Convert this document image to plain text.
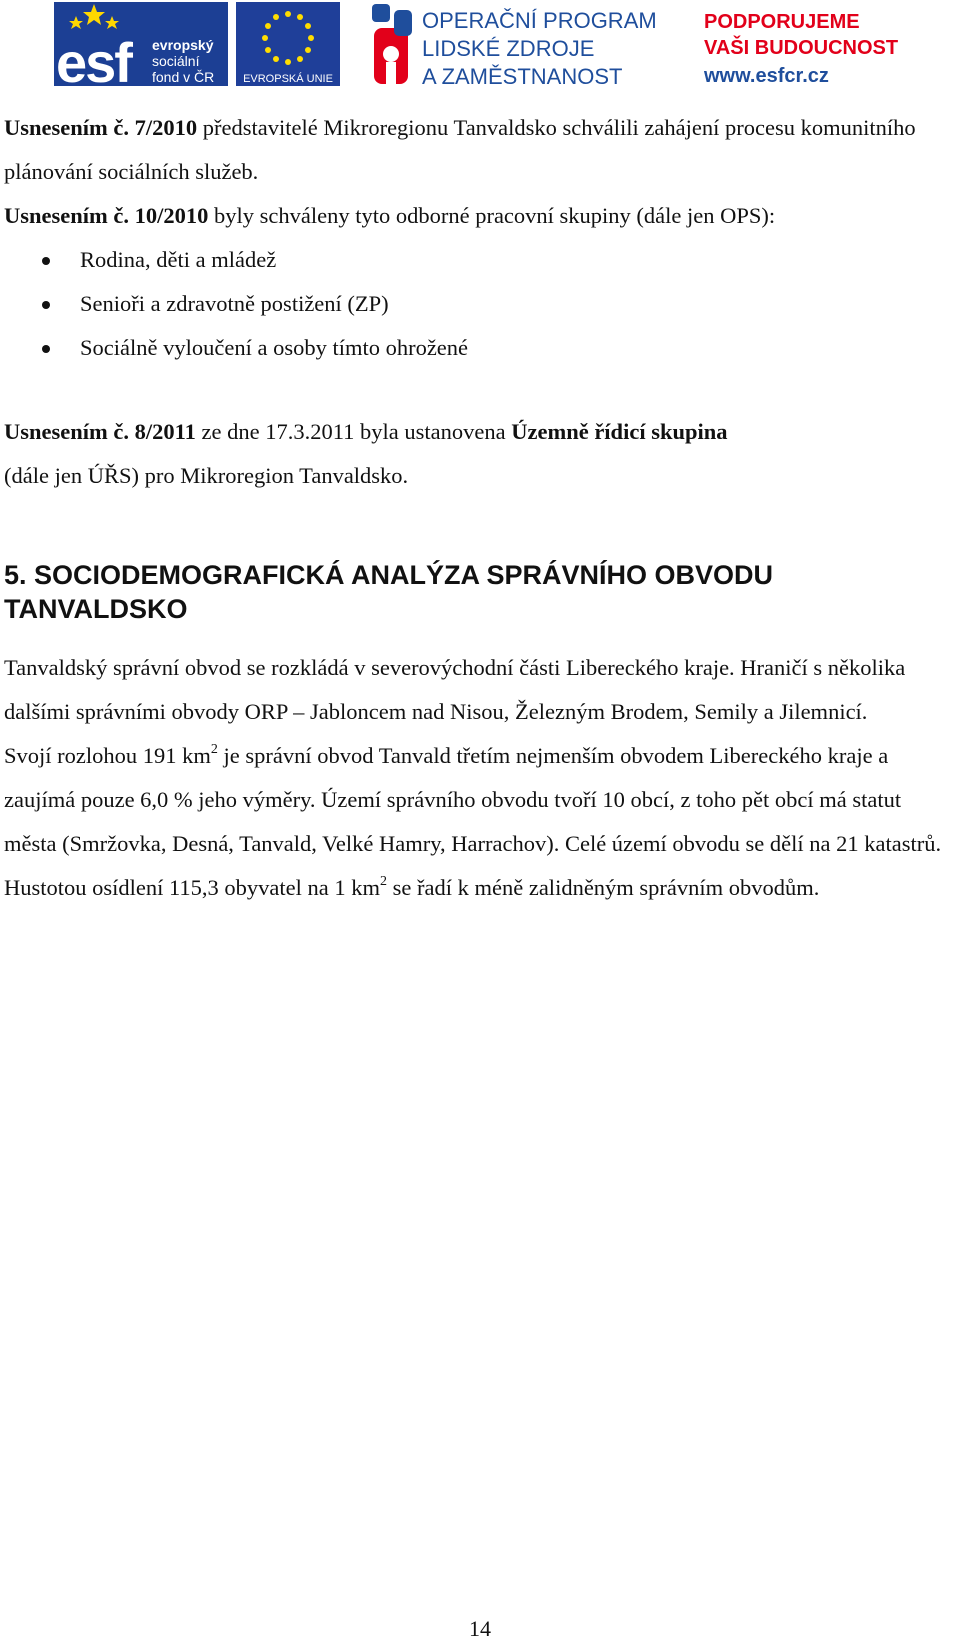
esf evropský
sociální
fond v ČR	EVROPSKÁ UNIE
OPERAČNÍ PROGRAM
LIDSKÉ ZDROJE
A ZAMĚSTNANOST
PODPORUJEME
VAŠI BUDOUCNOST
www.esfcr.cz

Usnesením č. 7/2010 představitelé Mikroregionu Tanvaldsko schválili zahájení procesu komunitního plánování sociálních služeb.

Usnesením č. 10/2010 byly schváleny tyto odborné pracovní skupiny (dále jen OPS):

Rodina, děti a mládež
Senioři a zdravotně postižení (ZP)
Sociálně vyloučení a osoby tímto ohrožené

Usnesením č. 8/2011 ze dne 17.3.2011 byla ustanovena Územně řídicí skupina
(dále jen ÚŘS) pro Mikroregion Tanvaldsko.

5. SOCIODEMOGRAFICKÁ ANALÝZA SPRÁVNÍHO OBVODU
TANVALDSKO

Tanvaldský správní obvod se rozkládá v severovýchodní části Libereckého kraje. Hraničí s několika dalšími správními obvody ORP – Jabloncem nad Nisou, Železným Brodem, Semily a Jilemnicí.

Svojí rozlohou 191 $km^2$ je správní obvod Tanvald třetím nejmenším obvodem Libereckého kraje a zaujímá pouze 6,0 % jeho výměry. Území správního obvodu tvoří 10 obcí, z toho pět obcí má statut města (Smržovka, Desná, Tanvald, Velké Hamry, Harrachov). Celé území obvodu se dělí na 21 katastrů.

Hustotou osídlení 115,3 obyvatel na 1 $km^2$ se řadí k méně zalidněným správním obvodům.

14
